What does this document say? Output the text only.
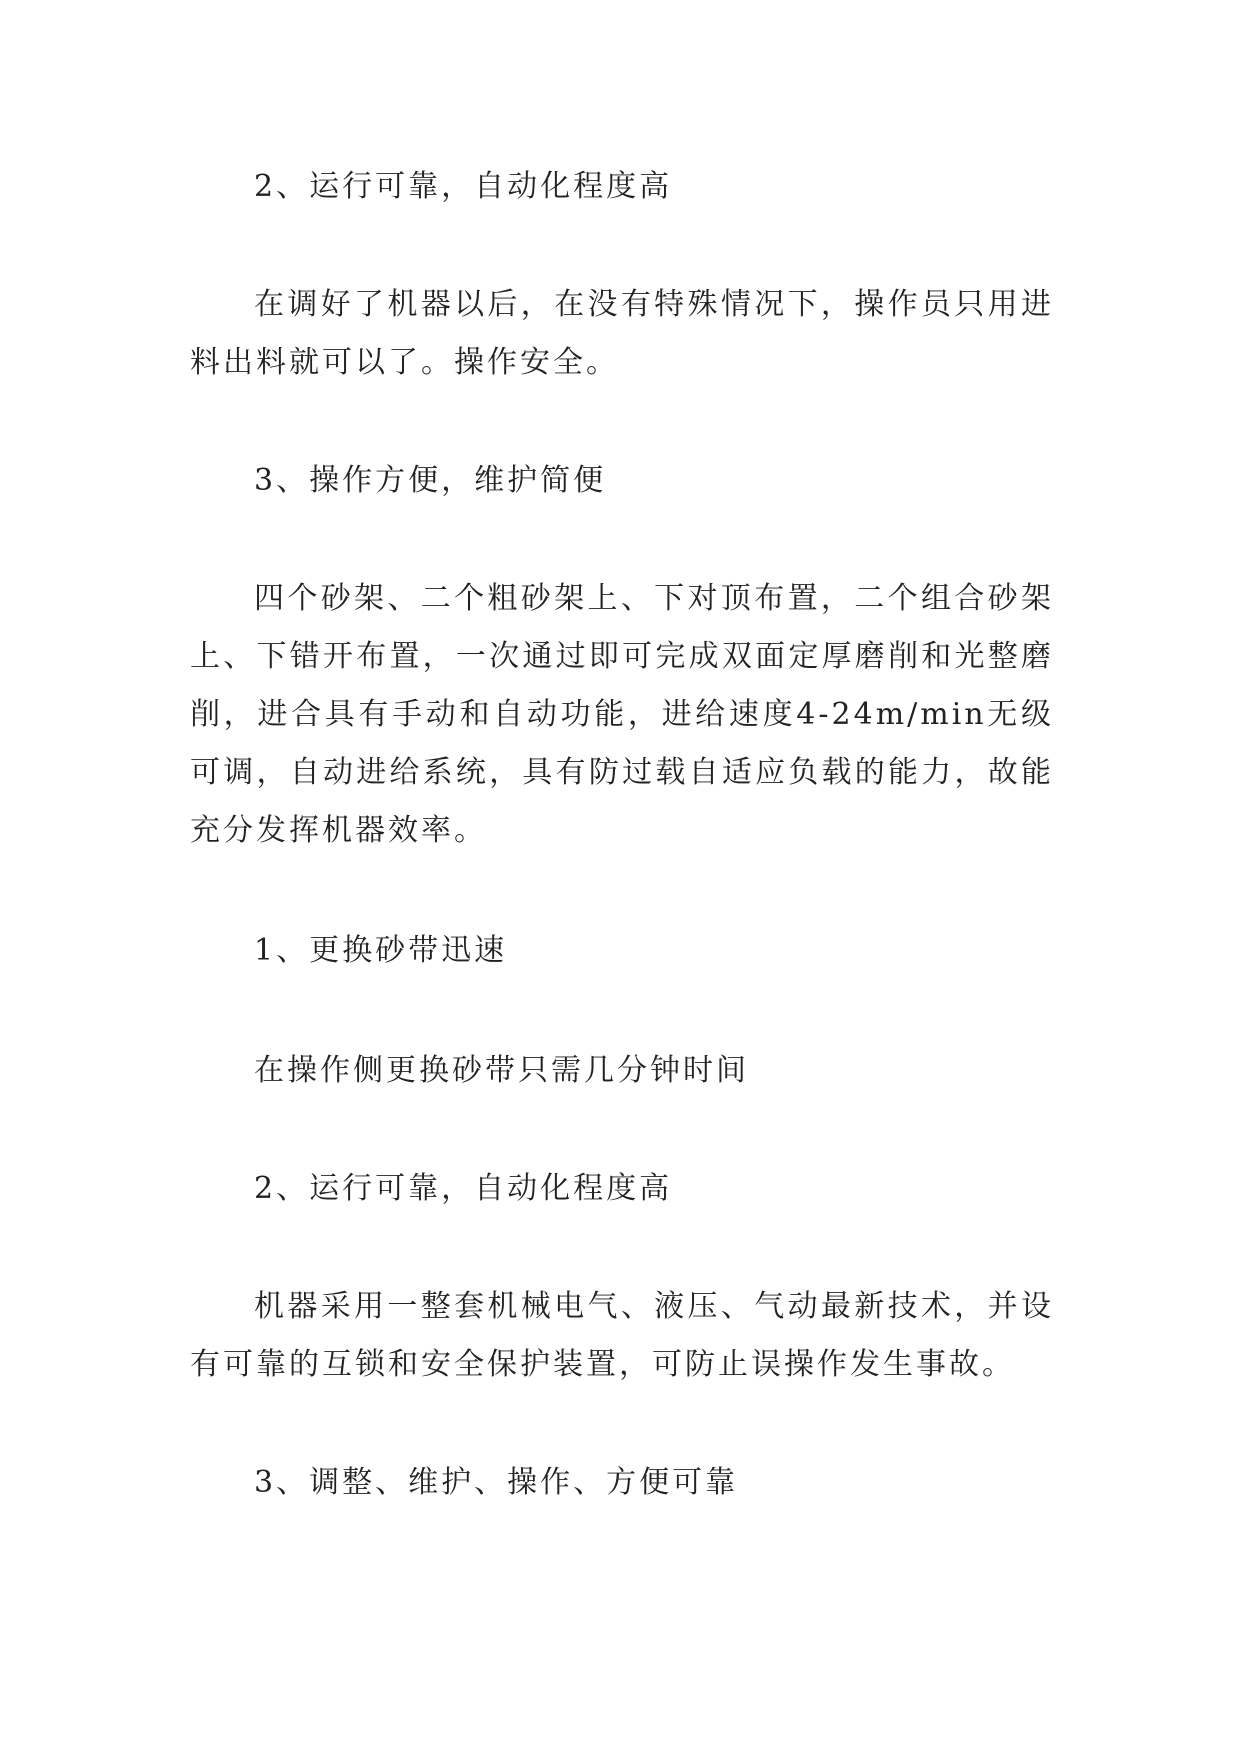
2、运行可靠，自动化程度高

在调好了机器以后，在没有特殊情况下，操作员只用进料出料就可以了。操作安全。

3、操作方便，维护简便

四个砂架、二个粗砂架上、下对顶布置，二个组合砂架上、下错开布置，一次通过即可完成双面定厚磨削和光整磨削，进合具有手动和自动功能，进给速度4-24m/min无级可调，自动进给系统，具有防过载自适应负载的能力，故能充分发挥机器效率。

1、更换砂带迅速

在操作侧更换砂带只需几分钟时间

2、运行可靠，自动化程度高

机器采用一整套机械电气、液压、气动最新技术，并设有可靠的互锁和安全保护装置，可防止误操作发生事故。

3、调整、维护、操作、方便可靠
